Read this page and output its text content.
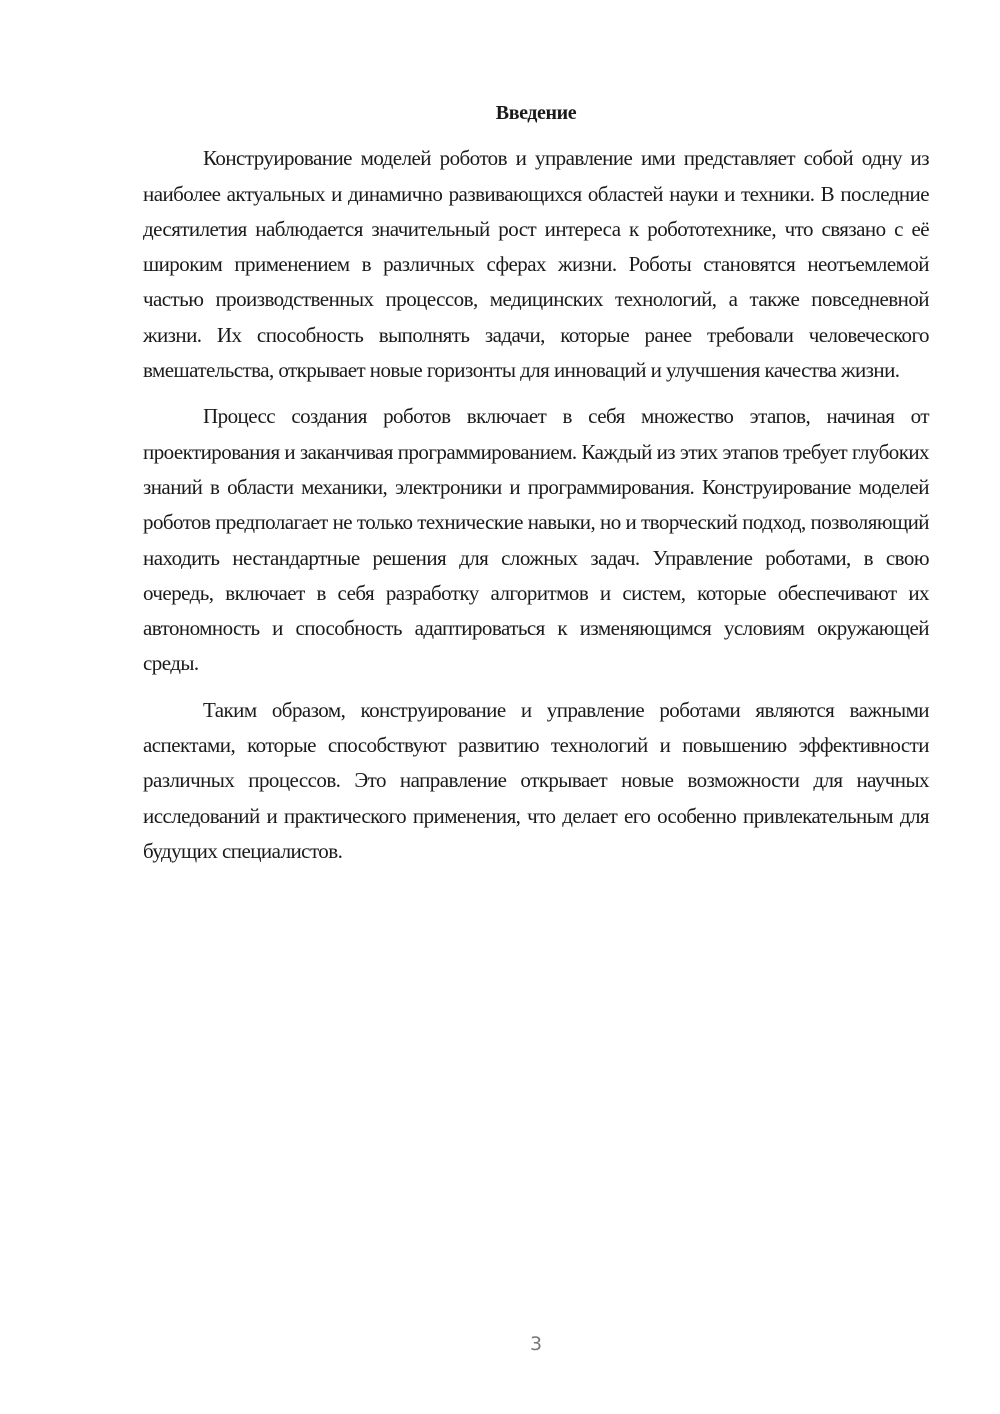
Введение

Конструирование моделей роботов и управление ими представляет собой одну из наиболее актуальных и динамично развивающихся областей науки и техники. В последние десятилетия наблюдается значительный рост интереса к робототехнике, что связано с её широким применением в различных сферах жизни. Роботы становятся неотъемлемой частью производственных процессов, медицинских технологий, а также повседневной жизни. Их способность выполнять задачи, которые ранее требовали человеческого вмешательства, открывает новые горизонты для инноваций и улучшения качества жизни.

Процесс создания роботов включает в себя множество этапов, начиная от проектирования и заканчивая программированием. Каждый из этих этапов требует глубоких знаний в области механики, электроники и программирования. Конструирование моделей роботов предполагает не только технические навыки, но и творческий подход, позволяющий находить нестандартные решения для сложных задач. Управление роботами, в свою очередь, включает в себя разработку алгоритмов и систем, которые обеспечивают их автономность и способность адаптироваться к изменяющимся условиям окружающей среды.

Таким образом, конструирование и управление роботами являются важными аспектами, которые способствуют развитию технологий и повышению эффективности различных процессов. Это направление открывает новые возможности для научных исследований и практического применения, что делает его особенно привлекательным для будущих специалистов.

3
